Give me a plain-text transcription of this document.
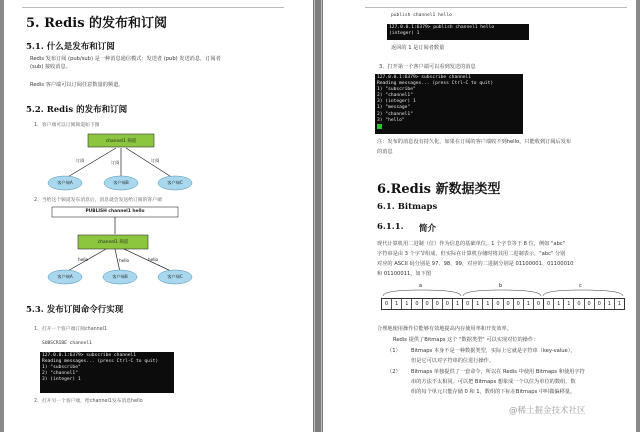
5. Redis 的发布和订阅
5.1. 什么是发布和订阅
Redis 发布订阅 (pub/sub) 是一种消息通信模式：发送者 (pub) 发送消息，订阅者
(sub) 接收消息。
Redis 客户端可以订阅任意数量的频道。
5.2. Redis 的发布和订阅
1、客户端可以订阅频道如下图
channel1 频道
订阅	订阅	订阅
客户端A	客户端B	客户端C
2、当给这个频道发布消息后，消息就会发送给订阅的客户端
PUBLISH channel1 hello
channel1 频道
hello	hello	hello
客户端A	客户端B	客户端C
5.3. 发布订阅命令行实现
1、打开一个客户端订阅channel1
SUBSCRIBE channel1
127.0.0.1:6379> subscribe channel1
Reading messages... (press Ctrl-C to quit)
1) "subscribe"
2) "channel1"
3) (integer) 1
2、打开另一个客户端，给channel1发布消息hello
publish channel1 hello
127.0.0.1:6379> publish channel1 hello
(integer) 1
返回的 1 是订阅者数量
3、打开第一个客户端可以看到发送的消息
127.0.0.1:6379> subscribe channel1
Reading messages... (press Ctrl-C to quit)
1) "subscribe"
2) "channel1"
3) (integer) 1
1) "message"
2) "channel1"
3) "hello"
注：发布的消息没有持久化，如果在订阅的客户端收不到hello，只能收到订阅后发布
的消息
6.Redis 新数据类型
6.1. Bitmaps
6.1.1. 简介
现代计算机用二进制（位）作为信息的基础单位，1 个字节等于 8 位，例如 "abc"
字符串是由 3 个字节组成，但实际在计算机存储时将其用二进制表示，"abc" 分别
对应的 ASCII 码分别是 97、98、99，对应的二进制分别是 01100001、01100010
和 01100011，如下图
a	b	c
0	1	1	0	0	0	0	1	0	1	1	0	0	0	1	0	0	1	1	0	0	0	1	1
合理地使用操作位能够有效地提高内存使用率和开发效率。
Redis 提供了Bitmaps 这个 "数据类型" 可以实现对位的操作：
（1） Bitmaps 本身不是一种数据类型，实际上它就是字符串（key-value），
但是它可以对字符串的位进行操作。
（2） Bitmaps 单独提供了一套命令，所以在 Redis 中使用 Bitmaps 和使用字符
串的方法不太相同。可以把 Bitmaps 想象成一个以位为单位的数组，数
组的每个单元只能存储 0 和 1，数组的下标在Bitmaps 中叫做偏移量。
@稀土掘金技术社区
